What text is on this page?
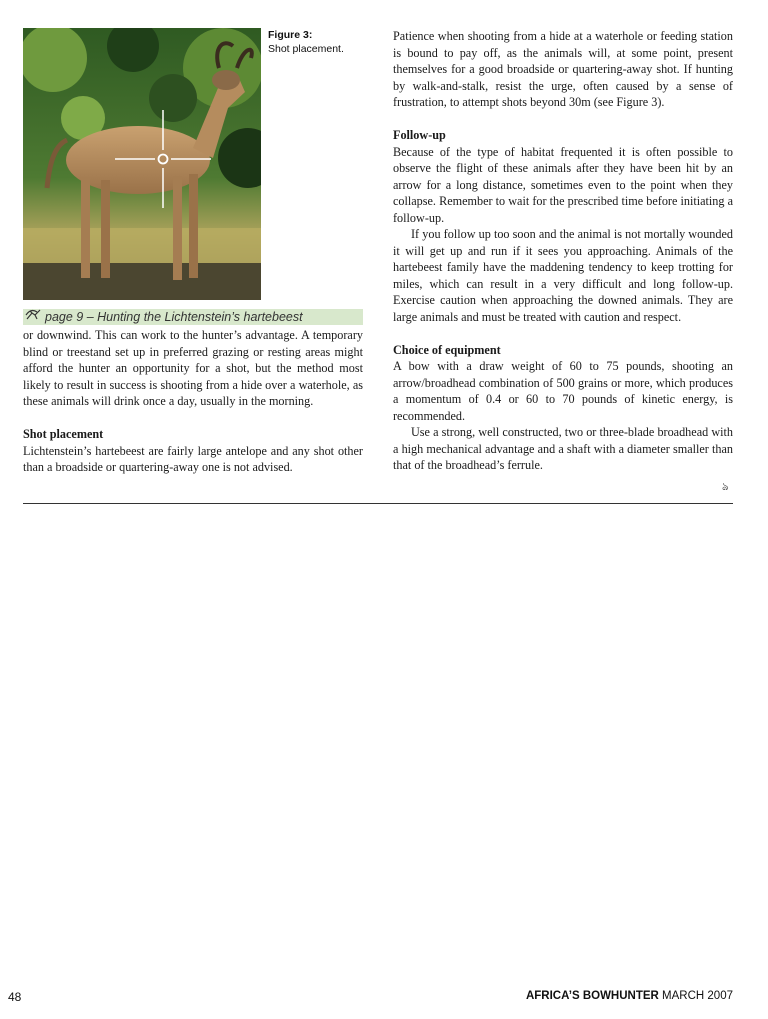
Figure 3:
Shot placement.
page 9 – Hunting the Lichtenstein’s hartebeest

or downwind. This can work to the hunter’s advantage. A temporary blind or treestand set up in preferred grazing or resting areas might afford the hunter an opportunity for a shot, but the method most likely to result in success is shooting from a hide over a waterhole, as these animals will drink once a day, usually in the morning.

Shot placement

Lichtenstein’s hartebeest are fairly large antelope and any shot other than a broadside or quartering-away one is not advised.

Patience when shooting from a hide at a waterhole or feeding station is bound to pay off, as the animals will, at some point, present themselves for a good broadside or quartering-away shot. If hunting by walk-and-stalk, resist the urge, often caused by a sense of frustration, to attempt shots beyond 30m (see Figure 3).

Follow-up

Because of the type of habitat frequented it is often possible to observe the flight of these animals after they have been hit by an arrow for a long distance, sometimes even to the point when they collapse. Remember to wait for the prescribed time before initiating a follow-up.

If you follow up too soon and the animal is not mortally wounded it will get up and run if it sees you approaching. Animals of the hartebeest family have the maddening tendency to keep trotting for miles, which can result in a very difficult and long follow-up. Exercise caution when approaching the downed animals. They are large animals and must be treated with caution and respect.

Choice of equipment

A bow with a draw weight of 60 to 75 pounds, shooting an arrow/broadhead combination of 500 grains or more, which produces a momentum of 0.4 or 60 to 70 pounds of kinetic energy, is recommended.

Use a strong, well constructed, two or three-blade broadhead with a high mechanical advantage and a shaft with a diameter smaller than that of the broadhead’s ferrule.

ঌ
48	AFRICA’S BOWHUNTER MARCH 2007
